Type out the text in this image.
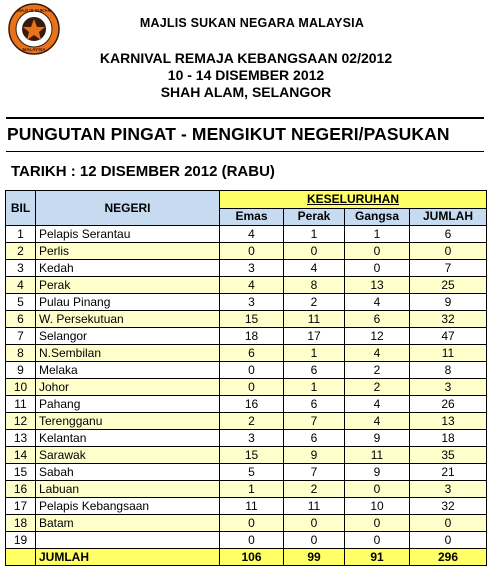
MAJLIS SUKAN
MALAYSIA
MAJLIS SUKAN NEGARA MALAYSIA
KARNIVAL REMAJA KEBANGSAAN 02/2012
10 - 14 DISEMBER 2012
SHAH ALAM, SELANGOR
PUNGUTAN PINGAT - MENGIKUT NEGERI/PASUKAN
TARIKH : 12 DISEMBER 2012 (RABU)
BIL	NEGERI	KESELURUHAN			
		Emas	Perak	Gangsa	JUMLAH
1	Pelapis Serantau	4	1	1	6
2	Perlis	0	0	0	0
3	Kedah	3	4	0	7
4	Perak	4	8	13	25
5	Pulau Pinang	3	2	4	9
6	W. Persekutuan	15	11	6	32
7	Selangor	18	17	12	47
8	N.Sembilan	6	1	4	11
9	Melaka	0	6	2	8
10	Johor	0	1	2	3
11	Pahang	16	6	4	26
12	Terengganu	2	7	4	13
13	Kelantan	3	6	9	18
14	Sarawak	15	9	11	35
15	Sabah	5	7	9	21
16	Labuan	1	2	0	3
17	Pelapis Kebangsaan	11	11	10	32
18	Batam	0	0	0	0
19		0	0	0	0
	JUMLAH	106	99	91	296
